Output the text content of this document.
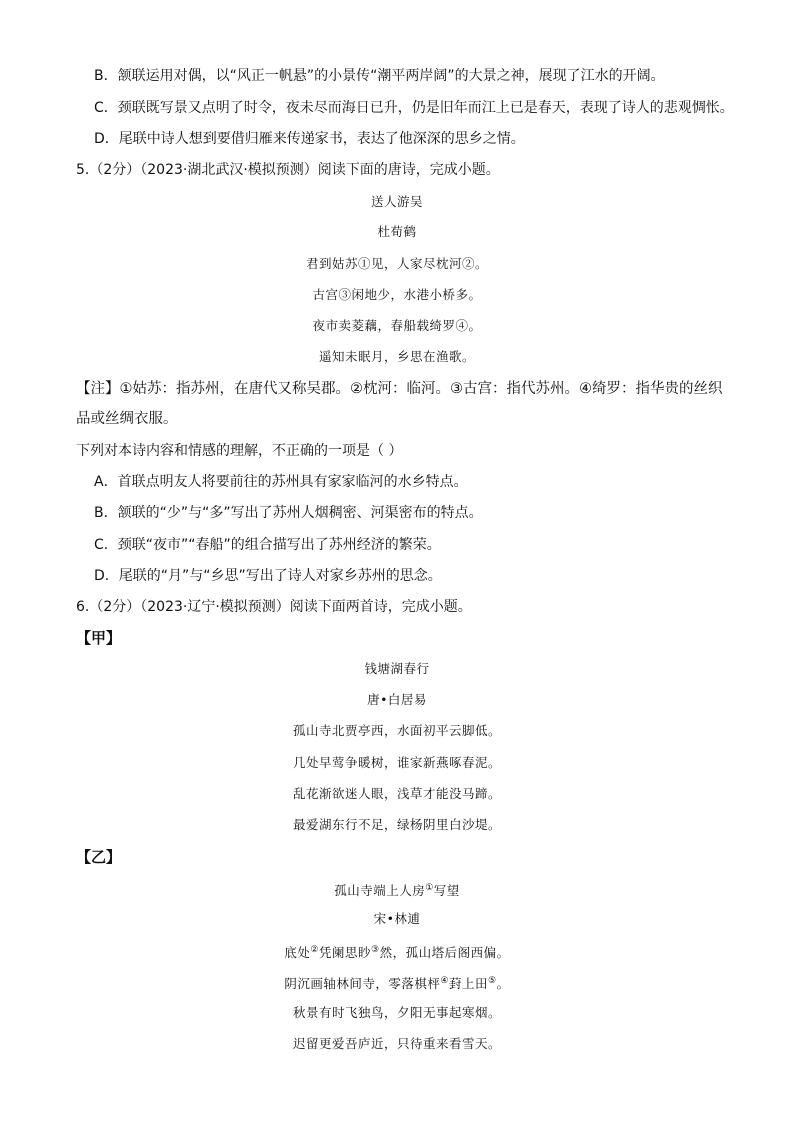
B．颔联运用对偶，以“风正一帆悬”的小景传“潮平两岸阔”的大景之神，展现了江水的开阔。
C．颈联既写景又点明了时令，夜未尽而海日已升，仍是旧年而江上已是春天，表现了诗人的悲观惆怅。
D．尾联中诗人想到要借归雁来传递家书，表达了他深深的思乡之情。
5.（2分）（2023·湖北武汉·模拟预测）阅读下面的唐诗，完成小题。
送人游吴
杜荀鹤
君到姑苏①见，人家尽枕河②。
古宫③闲地少，水港小桥多。
夜市卖菱藕，春船载绮罗④。
遥知未眠月，乡思在渔歌。
【注】①姑苏：指苏州，在唐代又称吴郡。②枕河：临河。③古宫：指代苏州。④绮罗：指华贵的丝织
品或丝绸衣服。
下列对本诗内容和情感的理解，不正确的一项是（ ）
A．首联点明友人将要前往的苏州具有家家临河的水乡特点。
B．颔联的“少”与“多”写出了苏州人烟稠密、河渠密布的特点。
C．颈联“夜市”“春船”的组合描写出了苏州经济的繁荣。
D．尾联的“月”与“乡思”写出了诗人对家乡苏州的思念。
6.（2分）（2023·辽宁·模拟预测）阅读下面两首诗，完成小题。
【甲】
钱塘湖春行
唐•白居易
孤山寺北贾亭西，水面初平云脚低。
几处早莺争暖树，谁家新燕啄春泥。
乱花渐欲迷人眼，浅草才能没马蹄。
最爱湖东行不足，绿杨阴里白沙堤。
【乙】
孤山寺端上人房①写望
宋•林逋
底处②凭阑思眇③然，孤山塔后阁西偏。
阴沉画轴林间寺，零落棋枰④葑上田⑤。
秋景有时飞独鸟，夕阳无事起寒烟。
迟留更爱吾庐近，只待重来看雪天。
